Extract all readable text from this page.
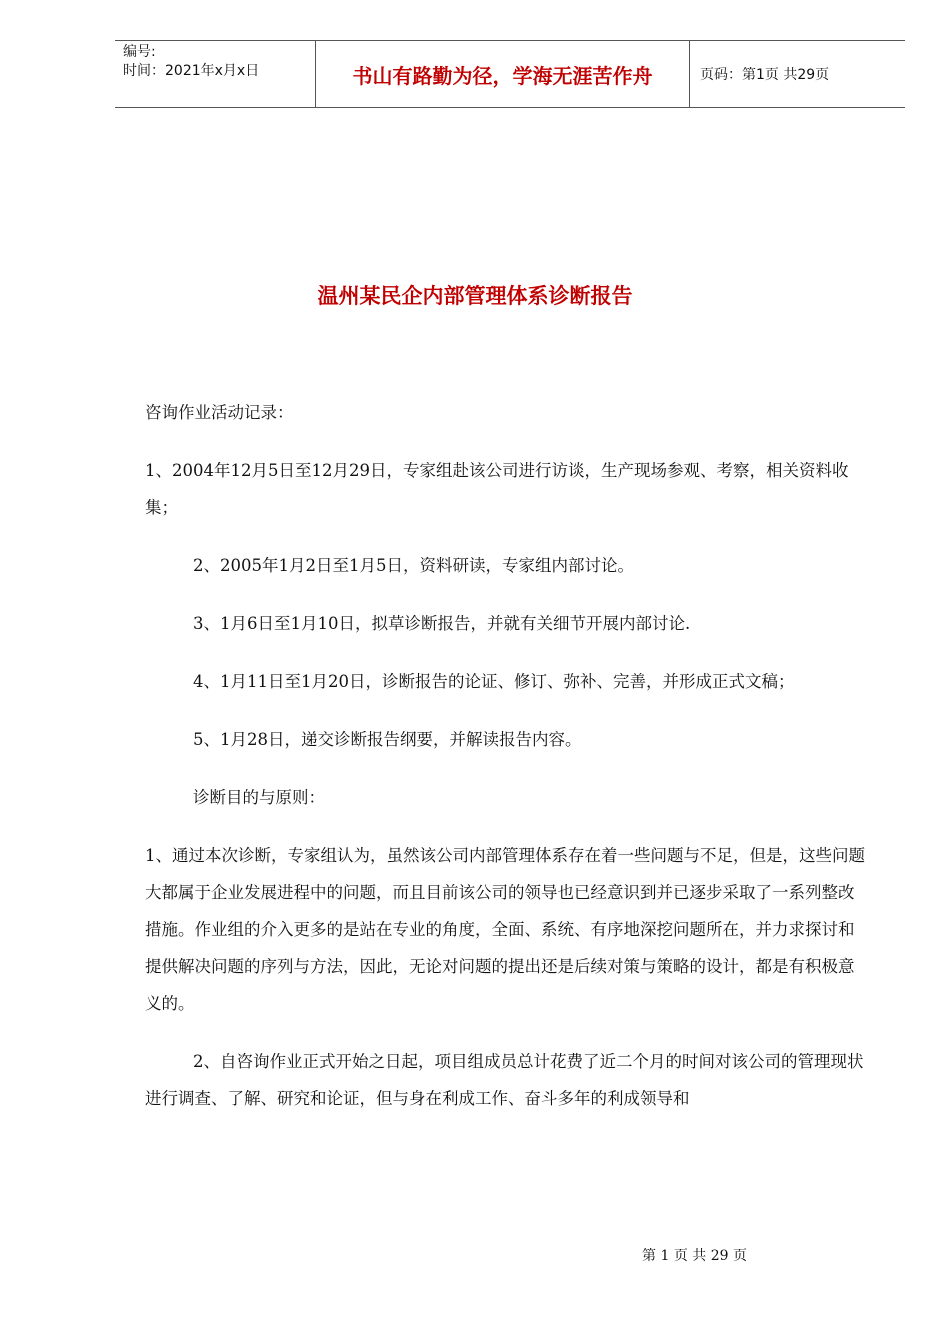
编号:
时间：2021年x月x日	书山有路勤为径，学海无涯苦作舟	页码：第1页 共29页
温州某民企内部管理体系诊断报告

咨询作业活动记录：

1、2004年12月5日至12月29日，专家组赴该公司进行访谈，生产现场参观、考察，相关资料收集；

2、2005年1月2日至1月5日，资料研读，专家组内部讨论。

3、1月6日至1月10日，拟草诊断报告，并就有关细节开展内部讨论.

4、1月11日至1月20日，诊断报告的论证、修订、弥补、完善，并形成正式文稿；

5、1月28日，递交诊断报告纲要，并解读报告内容。

诊断目的与原则：

1、通过本次诊断，专家组认为，虽然该公司内部管理体系存在着一些问题与不足，但是，这些问题大都属于企业发展进程中的问题，而且目前该公司的领导也已经意识到并已逐步采取了一系列整改措施。作业组的介入更多的是站在专业的角度，全面、系统、有序地深挖问题所在，并力求探讨和提供解决问题的序列与方法，因此，无论对问题的提出还是后续对策与策略的设计，都是有积极意义的。

2、自咨询作业正式开始之日起，项目组成员总计花费了近二个月的时间对该公司的管理现状进行调查、了解、研究和论证，但与身在利成工作、奋斗多年的利成领导和

第 1 页 共 29 页
